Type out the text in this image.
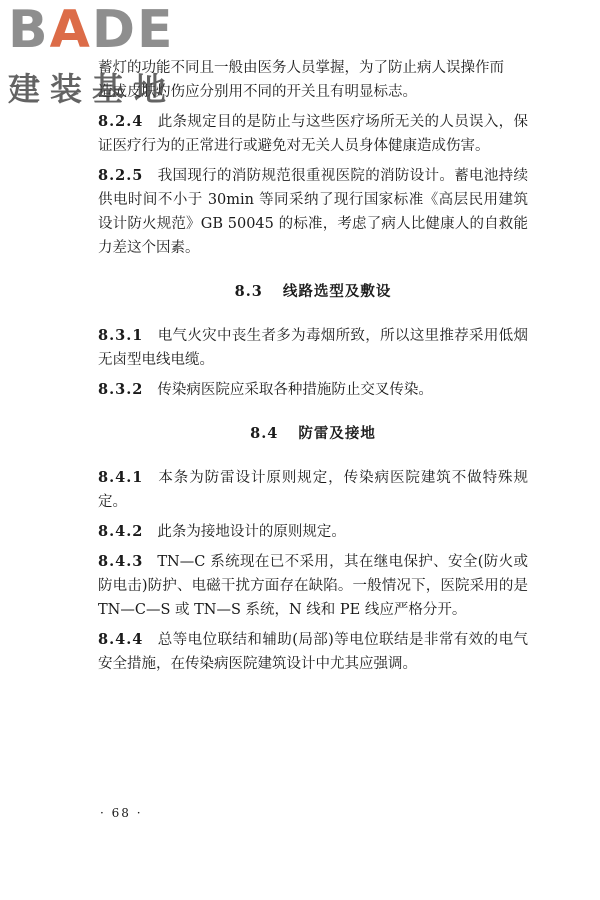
蓄灯的功能不同且一般由医务人员掌握，为了防止病人误操作而
造成皮肤灼伤应分别用不同的开关且有明显标志。

8.2.4 此条规定目的是防止与这些医疗场所无关的人员误入，保证医疗行为的正常进行或避免对无关人员身体健康造成伤害。

8.2.5 我国现行的消防规范很重视医院的消防设计。蓄电池持续供电时间不小于 30min 等同采纳了现行国家标准《高层民用建筑设计防火规范》GB 50045 的标准，考虑了病人比健康人的自救能力差这个因素。

8.3 线路选型及敷设

8.3.1 电气火灾中丧生者多为毒烟所致，所以这里推荐采用低烟无卤型电线电缆。

8.3.2 传染病医院应采取各种措施防止交叉传染。

8.4 防雷及接地

8.4.1 本条为防雷设计原则规定，传染病医院建筑不做特殊规定。

8.4.2 此条为接地设计的原则规定。

8.4.3 TN—C 系统现在已不采用，其在继电保护、安全(防火或防电击)防护、电磁干扰方面存在缺陷。一般情况下，医院采用的是 TN—C—S 或 TN—S 系统，N 线和 PE 线应严格分开。

8.4.4 总等电位联结和辅助(局部)等电位联结是非常有效的电气安全措施，在传染病医院建筑设计中尤其应强调。

BADE
建装基地
· 68 ·
